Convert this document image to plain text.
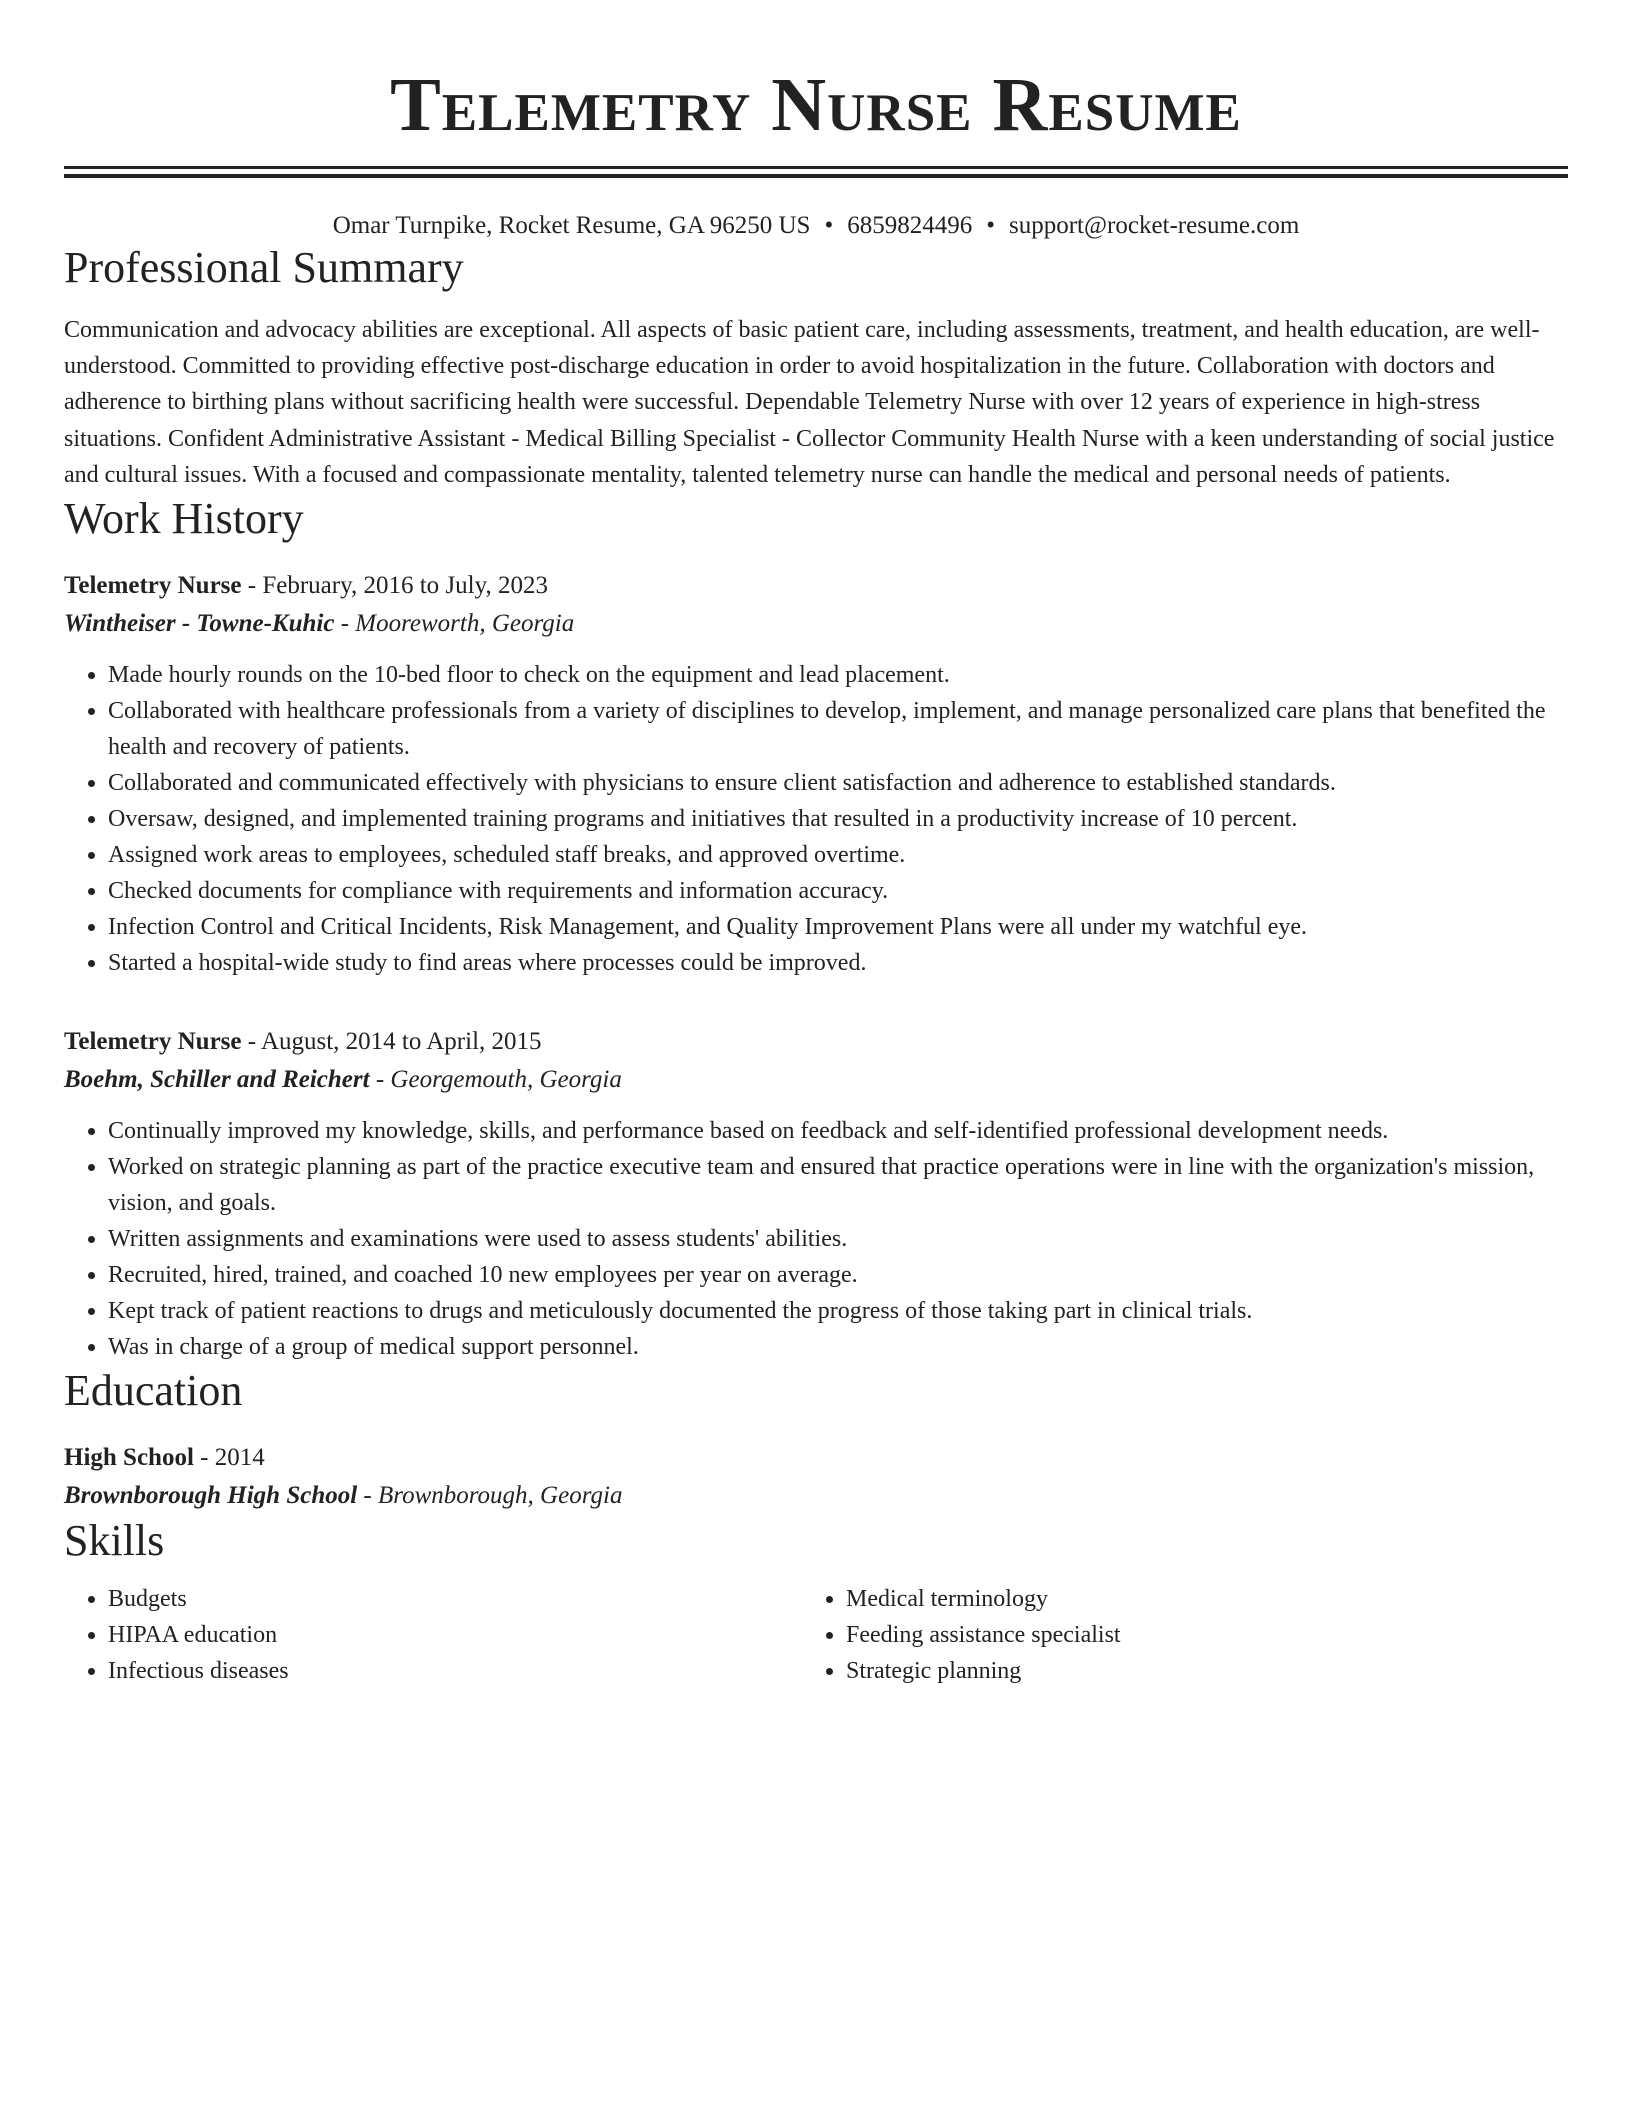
Telemetry Nurse Resume
Omar Turnpike, Rocket Resume, GA 96250 US • 6859824496 • support@rocket-resume.com
Professional Summary

Communication and advocacy abilities are exceptional. All aspects of basic patient care, including assessments, treatment, and health education, are well-understood. Committed to providing effective post-discharge education in order to avoid hospitalization in the future. Collaboration with doctors and adherence to birthing plans without sacrificing health were successful. Dependable Telemetry Nurse with over 12 years of experience in high-stress situations. Confident Administrative Assistant - Medical Billing Specialist - Collector Community Health Nurse with a keen understanding of social justice and cultural issues. With a focused and compassionate mentality, talented telemetry nurse can handle the medical and personal needs of patients.

Work History
Telemetry Nurse - February, 2016 to July, 2023
Wintheiser - Towne-Kuhic - Mooreworth, Georgia
• Made hourly rounds on the 10-bed floor to check on the equipment and lead placement.
• Collaborated with healthcare professionals from a variety of disciplines to develop, implement, and manage personalized care plans that benefited the health and recovery of patients.
• Collaborated and communicated effectively with physicians to ensure client satisfaction and adherence to established standards.
• Oversaw, designed, and implemented training programs and initiatives that resulted in a productivity increase of 10 percent.
• Assigned work areas to employees, scheduled staff breaks, and approved overtime.
• Checked documents for compliance with requirements and information accuracy.
• Infection Control and Critical Incidents, Risk Management, and Quality Improvement Plans were all under my watchful eye.
• Started a hospital-wide study to find areas where processes could be improved.
Telemetry Nurse - August, 2014 to April, 2015
Boehm, Schiller and Reichert - Georgemouth, Georgia
• Continually improved my knowledge, skills, and performance based on feedback and self-identified professional development needs.
• Worked on strategic planning as part of the practice executive team and ensured that practice operations were in line with the organization's mission, vision, and goals.
• Written assignments and examinations were used to assess students' abilities.
• Recruited, hired, trained, and coached 10 new employees per year on average.
• Kept track of patient reactions to drugs and meticulously documented the progress of those taking part in clinical trials.
• Was in charge of a group of medical support personnel.
Education
High School - 2014
Brownborough High School - Brownborough, Georgia
Skills
• Budgets
• HIPAA education
• Infectious diseases
• Medical terminology
• Feeding assistance specialist
• Strategic planning
